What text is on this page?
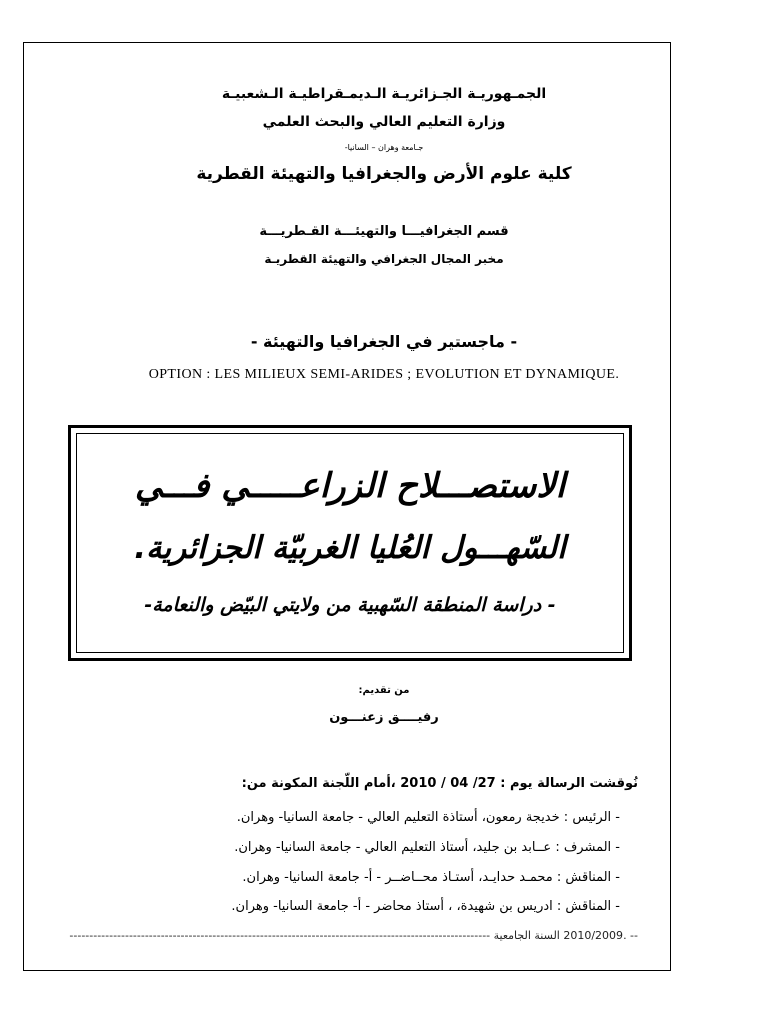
الجمـهوريـة الجـزائريـة الـديمـقراطيـة الـشعبيـة
وزارة التعليم العالي والبحث العلمي
جـامعة وهران – السانيا-
كلية علوم الأرض والجغرافيا والتهيئة القطرية
قسم الجغرافيـــا والتهيئـــة القـطريـــة
مخبر المجال الجغرافي والتهيئة القطريـة
- ماجستير في الجغرافيا والتهيئة -
OPTION : LES MILIEUX SEMI-ARIDES ; EVOLUTION ET DYNAMIQUE.
الاستصـــلاح الزراعـــــي فـــي
السّهـــول العُليا الغربيّة الجزائرية.
- دراسة المنطقة السّهبية من ولايتي البيّض والنعامة-
من تقديم:
رفيــــق زعنـــون
نُوقشت الرسالة يوم : 27/ 04 / 2010 ،أمام اللّجنة المكونة من:
- الرئيس : خديجة رمعون، أستاذة التعليم العالي - جامعة السانيا- وهران.
- المشرف : عــابد بن جليد، أستاذ التعليم العالي - جامعة السانيا- وهران.
- المناقش : محمـد حدايـد، أستـاذ محــاضــر - أ- جامعة السانيا- وهران.
- المناقش : ادريس بن شهيدة، ، أستاذ محاضر - أ- جامعة السانيا- وهران.
-- .2010/2009 السنة الجامعية ----------------------------------------------------------------------------------------------------------
